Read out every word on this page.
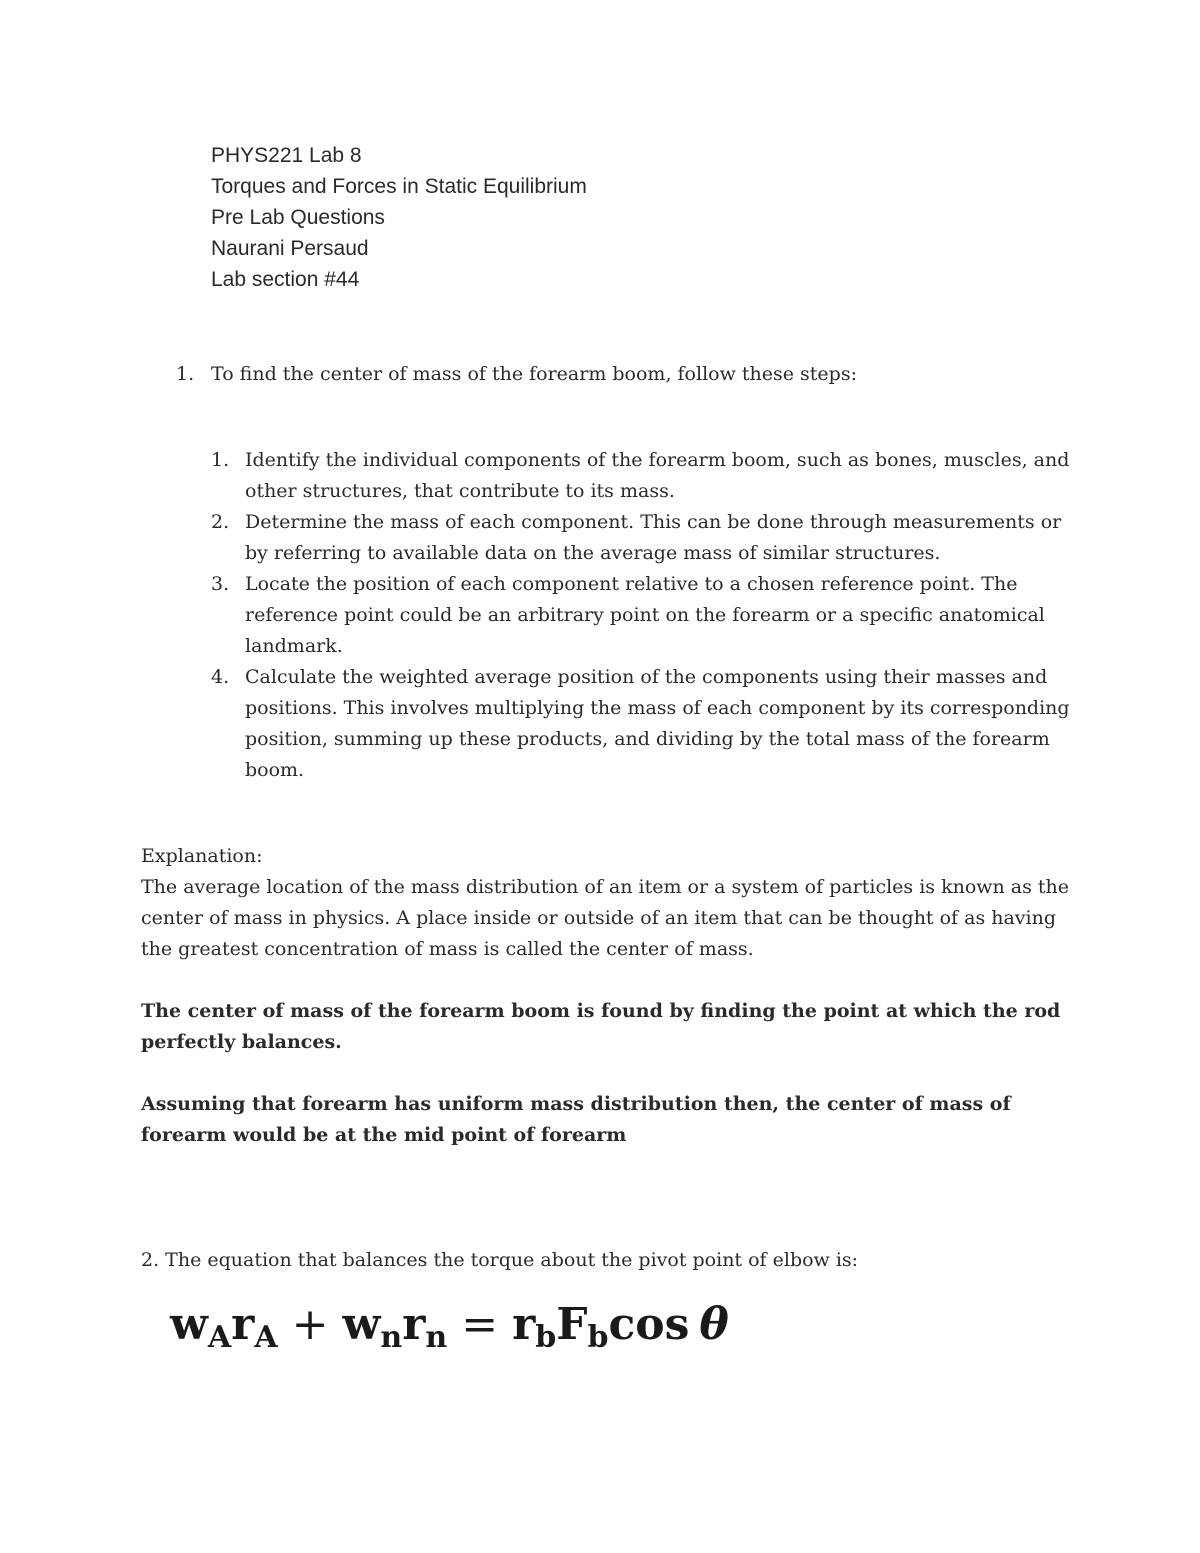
PHYS221 Lab 8
Torques and Forces in Static Equilibrium
Pre Lab Questions
Naurani Persaud
Lab section #44
1. To find the center of mass of the forearm boom, follow these steps:
1. Identify the individual components of the forearm boom, such as bones, muscles, and other structures, that contribute to its mass.
2. Determine the mass of each component. This can be done through measurements or by referring to available data on the average mass of similar structures.
3. Locate the position of each component relative to a chosen reference point. The reference point could be an arbitrary point on the forearm or a specific anatomical landmark.
4. Calculate the weighted average position of the components using their masses and positions. This involves multiplying the mass of each component by its corresponding position, summing up these products, and dividing by the total mass of the forearm boom.
Explanation:
The average location of the mass distribution of an item or a system of particles is known as the center of mass in physics. A place inside or outside of an item that can be thought of as having the greatest concentration of mass is called the center of mass.
The center of mass of the forearm boom is found by finding the point at which the rod perfectly balances.
Assuming that forearm has uniform mass distribution then, the center of mass of forearm would be at the mid point of forearm
2. The equation that balances the torque about the pivot point of elbow is:
wArA + wnrn = rbFbcos θ
